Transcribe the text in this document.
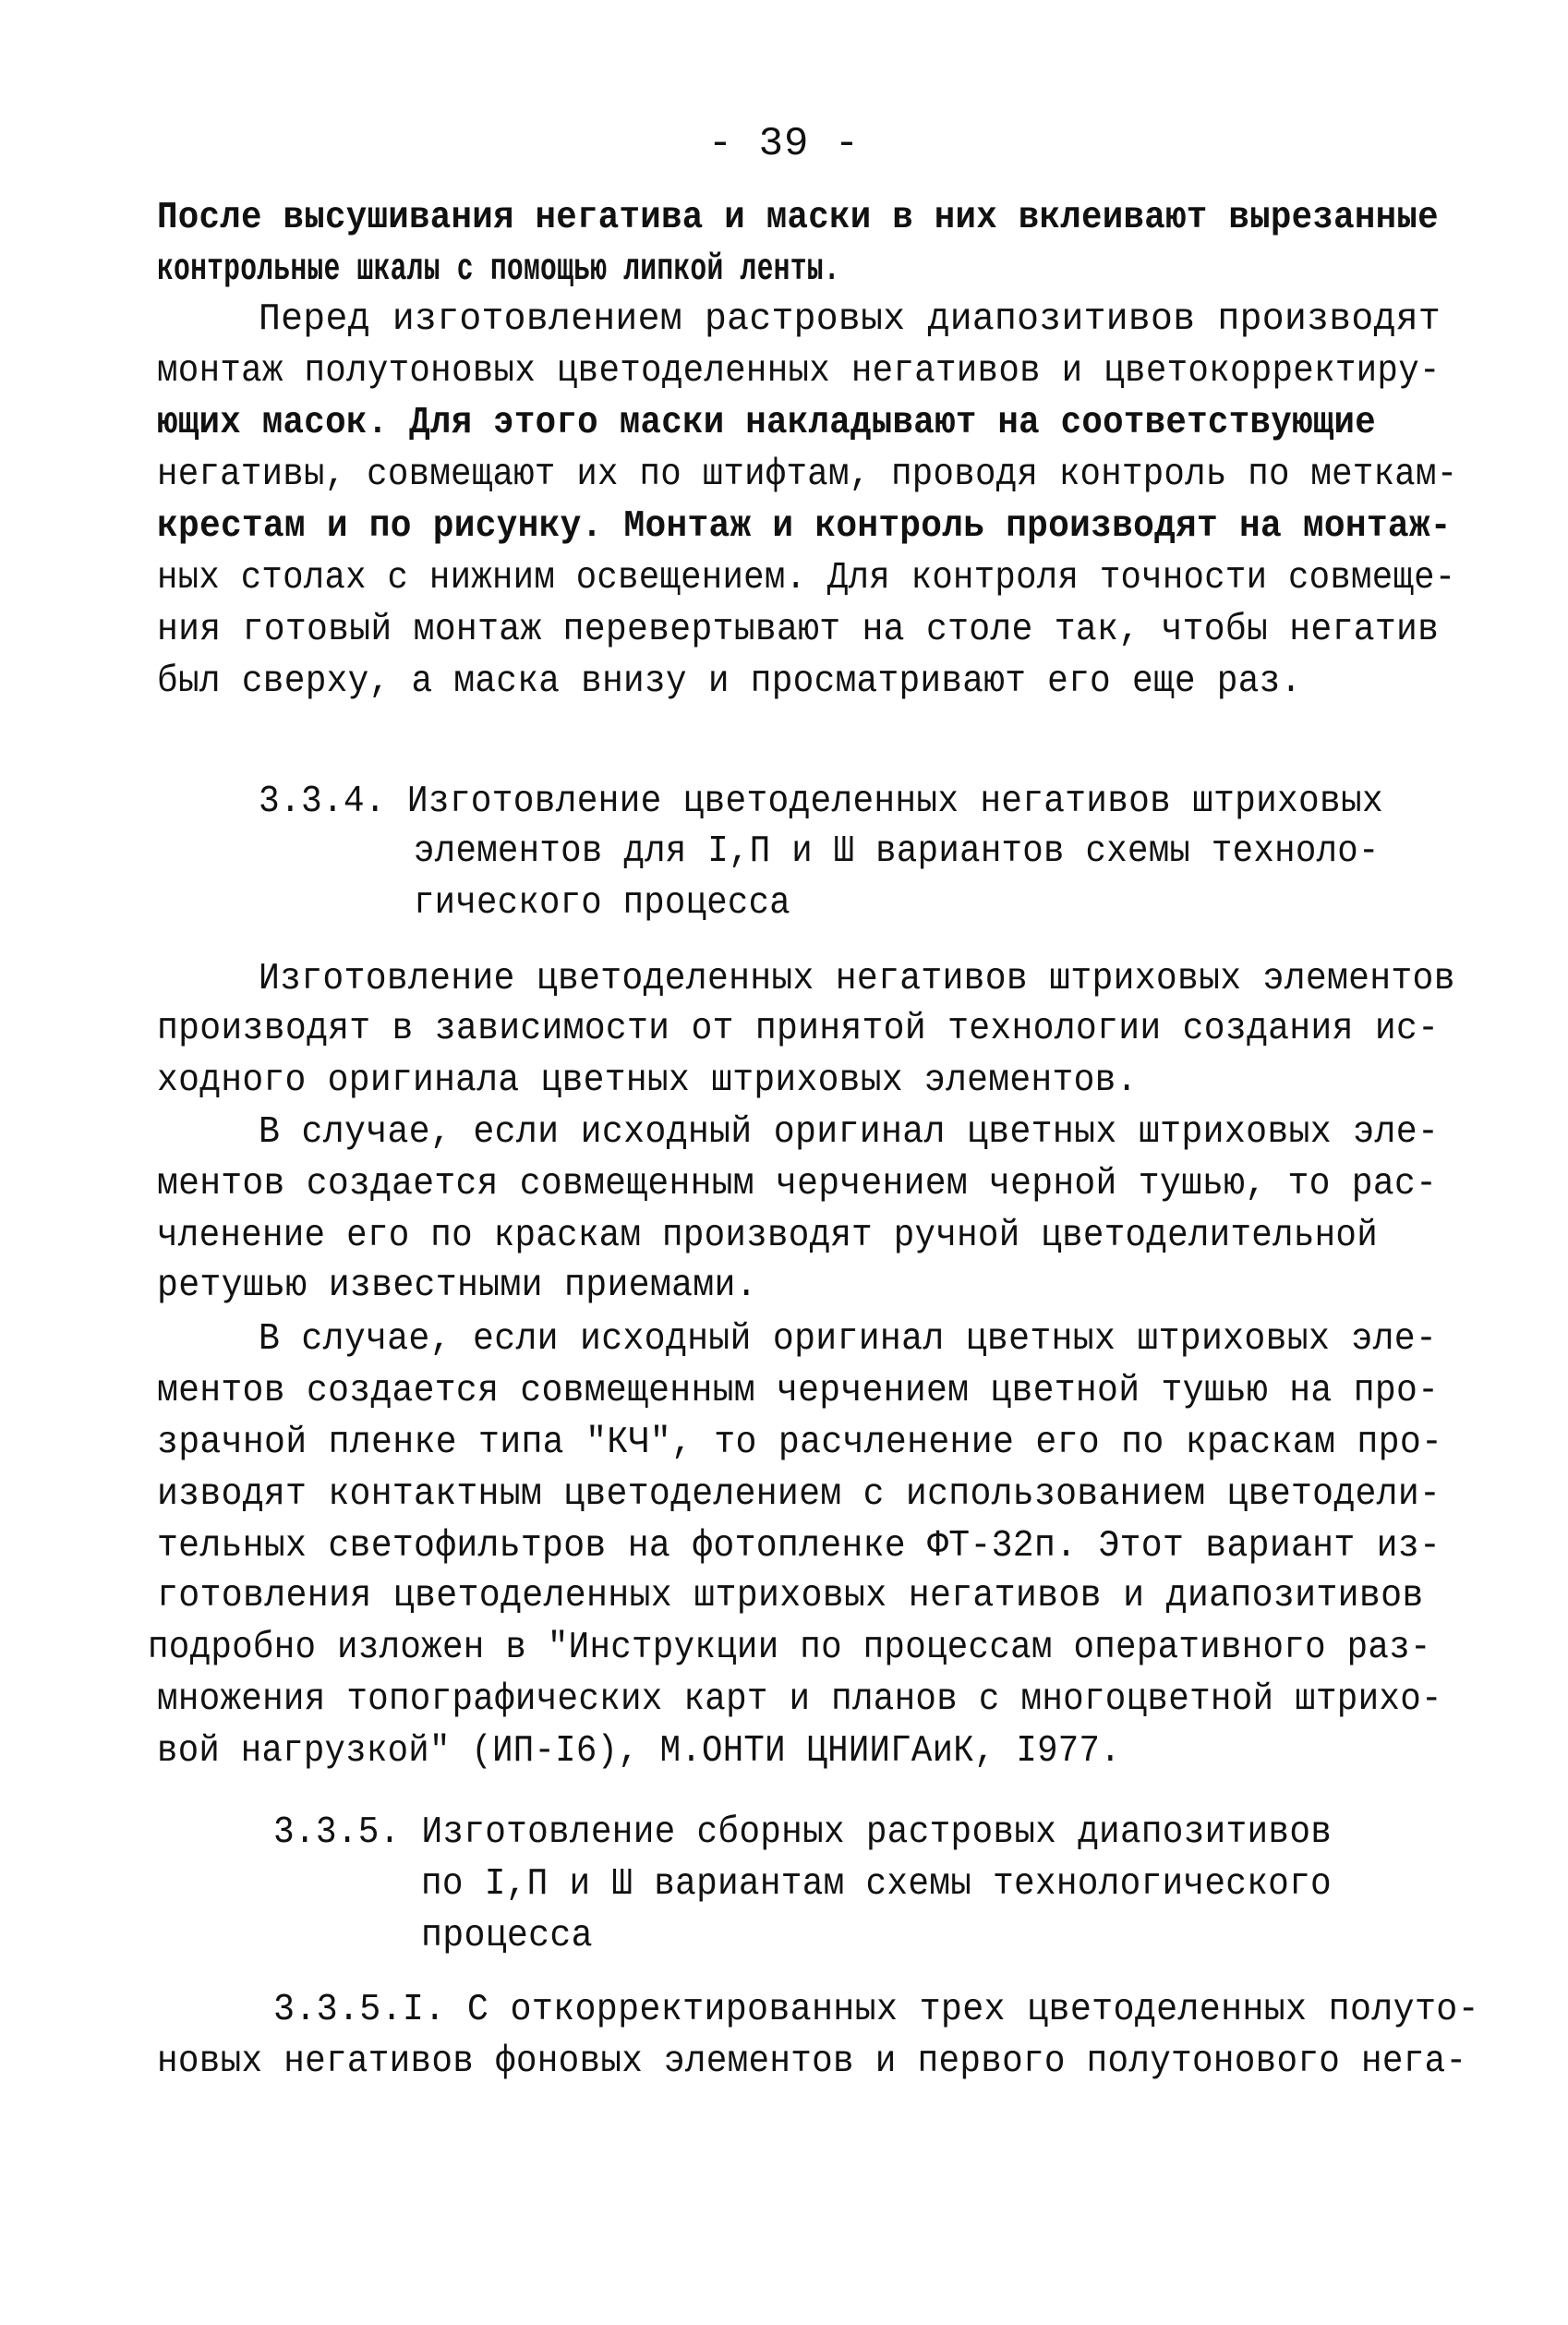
- 39 -
После высушивания негатива и маски в них вклеивают вырезанные
контрольные шкалы с помощью липкой ленты.
Перед изготовлением растровых диапозитивов производят
монтаж полутоновых цветоделенных негативов и цветокорректиру-
ющих масок. Для этого маски накладывают на соответствующие
негативы, совмещают их по штифтам, проводя контроль по меткам-
крестам и по рисунку. Монтаж и контроль производят на монтаж-
ных столах с нижним освещением. Для контроля точности совмеще-
ния готовый монтаж перевертывают на столе так, чтобы негатив
был сверху, а маска внизу и просматривают его еще раз.
3.3.4. Изготовление цветоделенных негативов штриховых
элементов для I,П и Ш вариантов схемы техноло-
гического процесса
Изготовление цветоделенных негативов штриховых элементов
производят в зависимости от принятой технологии создания ис-
ходного оригинала цветных штриховых элементов.
В случае, если исходный оригинал цветных штриховых эле-
ментов создается совмещенным черчением черной тушью, то рас-
членение его по краскам производят ручной цветоделительной
ретушью известными приемами.
В случае, если исходный оригинал цветных штриховых эле-
ментов создается совмещенным черчением цветной тушью на про-
зрачной пленке типа "КЧ", то расчленение его по краскам про-
изводят контактным цветоделением с использованием цветодели-
тельных светофильтров на фотопленке ФТ-32п. Этот вариант из-
готовления цветоделенных штриховых негативов и диапозитивов
подробно изложен в "Инструкции по процессам оперативного раз-
множения топографических карт и планов с многоцветной штрихо-
вой нагрузкой" (ИП-I6), М.ОНТИ ЦНИИГАиК, I977.
3.3.5. Изготовление сборных растровых диапозитивов
по I,П и Ш вариантам схемы технологического
процесса
3.3.5.I. С откорректированных трех цветоделенных полуто-
новых негативов фоновых элементов и первого полутонового нега-
